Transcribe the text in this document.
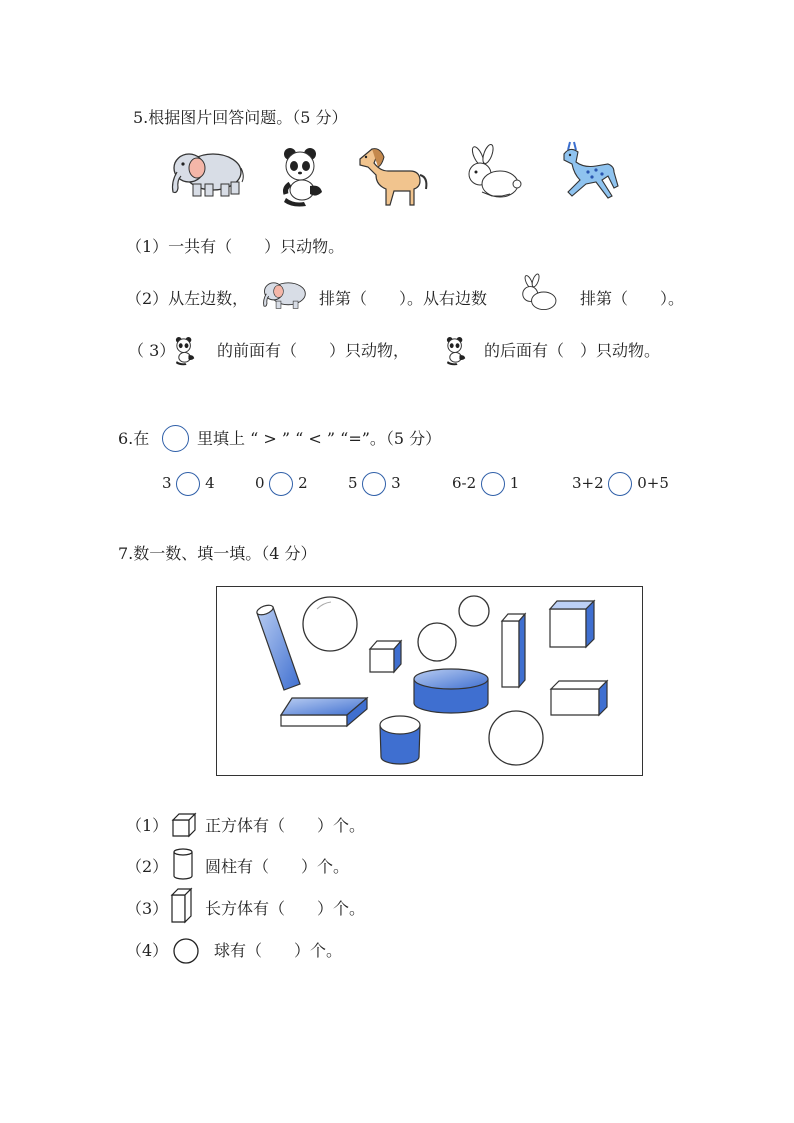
5.根据图片回答问题。（5 分）
（1）一共有（　　）只动物。
（2）从左边数，	排第（　　）。从右边数	排第（　　）。
（ 3）	的前面有（　　）只动物，	的后面有（　）只动物。
6.在	里填上 “ > ” “ < ” “=”。（5 分）
3 4	0 2	5 3	6-2 1	3+2 0+5
7.数一数、填一填。（4 分）
（1） 正方体有（　　）个。
（2） 圆柱有（　　）个。
（3） 长方体有（　　）个。
（4）	球有（　　）个。
